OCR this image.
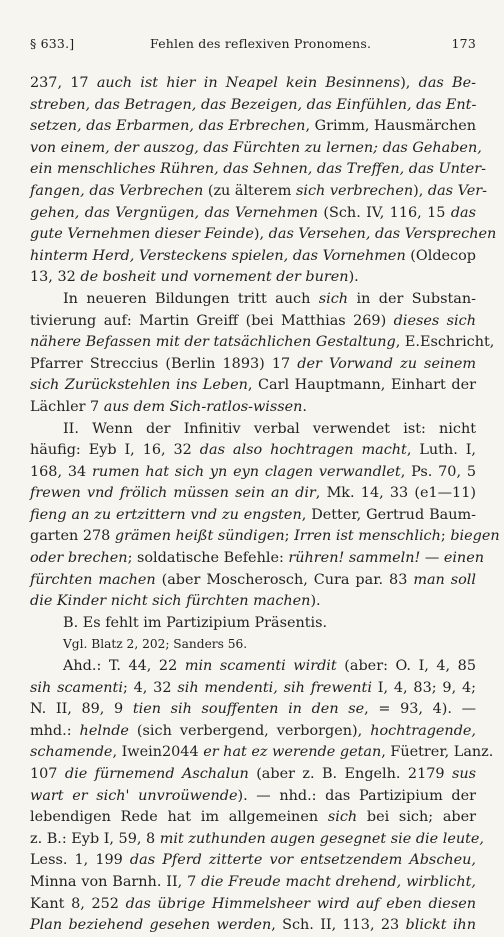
§ 633.]	Fehlen des reflexiven Pronomens.	173
237, 17 auch ist hier in Neapel kein Besinnens), das Be-
streben, das Betragen, das Bezeigen, das Einfühlen, das Ent-
setzen, das Erbarmen, das Erbrechen, Grimm, Hausmärchen
von einem, der auszog, das Fürchten zu lernen; das Gehaben,
ein menschliches Rühren, das Sehnen, das Treffen, das Unter-
fangen, das Verbrechen (zu älterem sich verbrechen), das Ver-
gehen, das Vergnügen, das Vernehmen (Sch. IV, 116, 15 das
gute Vernehmen dieser Feinde), das Versehen, das Versprechen
hinterm Herd, Versteckens spielen, das Vornehmen (Oldecop
13, 32 de bosheit und vornement der buren).
In neueren Bildungen tritt auch sich in der Substan-
tivierung auf: Martin Greiff (bei Matthias 269) dieses sich
nähere Befassen mit der tatsächlichen Gestaltung, E.Eschricht,
Pfarrer Streccius (Berlin 1893) 17 der Vorwand zu seinem
sich Zurückstehlen ins Leben, Carl Hauptmann, Einhart der
Lächler 7 aus dem Sich-ratlos-wissen.
II. Wenn der Infinitiv verbal verwendet ist: nicht
häufig: Eyb I, 16, 32 das also hochtragen macht, Luth. I,
168, 34 rumen hat sich yn eyn clagen verwandlet, Ps. 70, 5
frewen vnd frölich müssen sein an dir, Mk. 14, 33 (e1—11)
fieng an zu ertzittern vnd zu engsten, Detter, Gertrud Baum-
garten 278 grämen heißt sündigen; Irren ist menschlich; biegen
oder brechen; soldatische Befehle: rühren! sammeln! — einen
fürchten machen (aber Moscherosch, Cura par. 83 man soll
die Kinder nicht sich fürchten machen).
B. Es fehlt im Partizipium Präsentis.
Vgl. Blatz 2, 202; Sanders 56.
Ahd.: T. 44, 22 min scamenti wirdit (aber: O. I, 4, 85
sih scamenti; 4, 32 sih mendenti, sih frewenti I, 4, 83; 9, 4;
N. II, 89, 9 tien sih souffenten in den se, = 93, 4). —
mhd.: helnde (sich verbergend, verborgen), hochtragende,
schamende, Iwein2044 er hat ez werende getan, Füetrer, Lanz.
107 die fürnemend Aschalun (aber z. B. Engelh. 2179 sus
wart er sich' unvroüwende). — nhd.: das Partizipium der
lebendigen Rede hat im allgemeinen sich bei sich; aber
z. B.: Eyb I, 59, 8 mit zuthunden augen gesegnet sie die leute,
Less. 1, 199 das Pferd zitterte vor entsetzendem Abscheu,
Minna von Barnh. II, 7 die Freude macht drehend, wirblicht,
Kant 8, 252 das übrige Himmelsheer wird auf eben diesen
Plan beziehend gesehen werden, Sch. II, 113, 23 blickt ihn
